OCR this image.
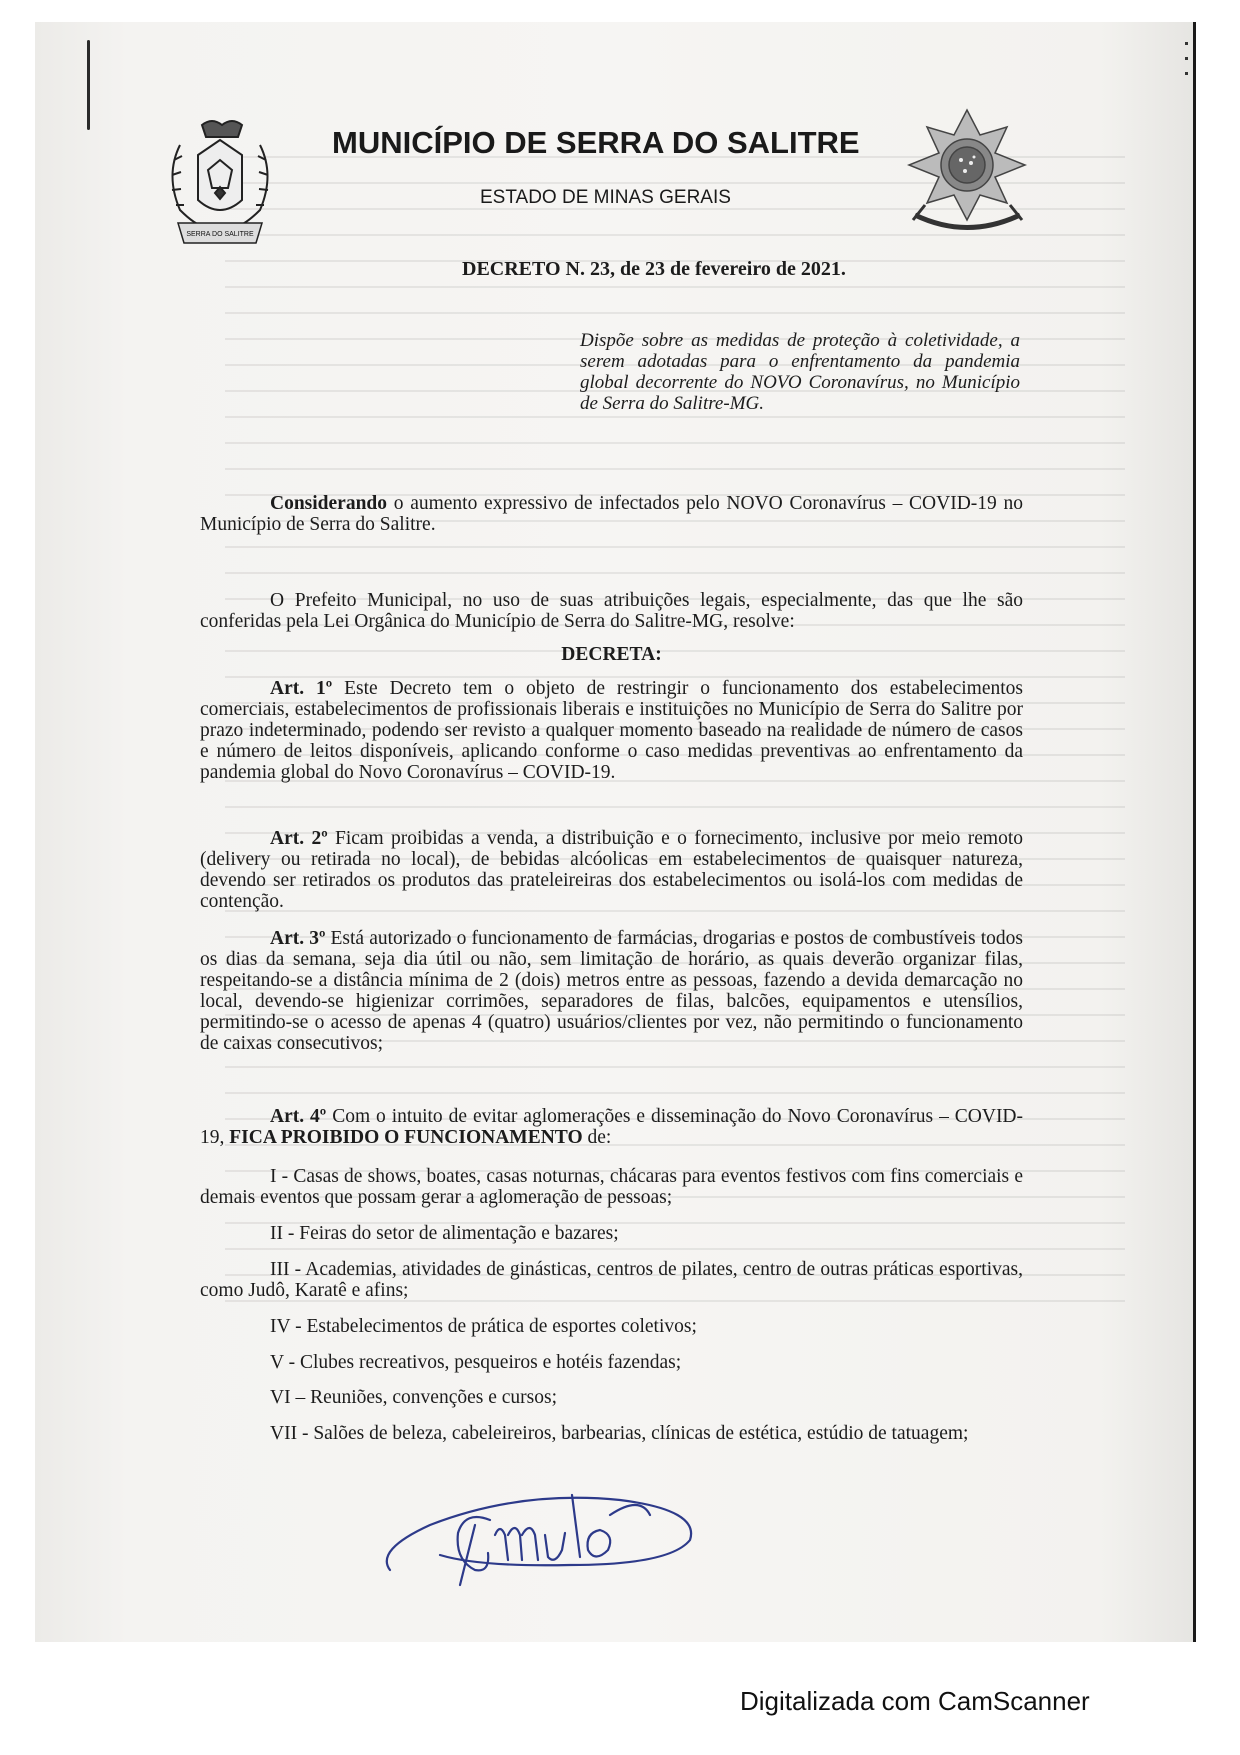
SERRA DO SALITRE
MUNICÍPIO DE SERRA DO SALITRE
ESTADO DE MINAS GERAIS
DECRETO N. 23, de 23 de fevereiro de 2021.
Dispõe sobre as medidas de proteção à coletividade, a serem adotadas para o enfrentamento da pandemia global decorrente do NOVO Coronavírus, no Município de Serra do Salitre-MG.
Considerando o aumento expressivo de infectados pelo NOVO Coronavírus – COVID-19 no Município de Serra do Salitre.
O Prefeito Municipal, no uso de suas atribuições legais, especialmente, das que lhe são conferidas pela Lei Orgânica do Município de Serra do Salitre-MG, resolve:
DECRETA:
Art. 1º Este Decreto tem o objeto de restringir o funcionamento dos estabelecimentos comerciais, estabelecimentos de profissionais liberais e instituições no Município de Serra do Salitre por prazo indeterminado, podendo ser revisto a qualquer momento baseado na realidade de número de casos e número de leitos disponíveis, aplicando conforme o caso medidas preventivas ao enfrentamento da pandemia global do Novo Coronavírus – COVID-19.
Art. 2º Ficam proibidas a venda, a distribuição e o fornecimento, inclusive por meio remoto (delivery ou retirada no local), de bebidas alcóolicas em estabelecimentos de quaisquer natureza, devendo ser retirados os produtos das prateleireiras dos estabelecimentos ou isolá-los com medidas de contenção.
Art. 3º Está autorizado o funcionamento de farmácias, drogarias e postos de combustíveis todos os dias da semana, seja dia útil ou não, sem limitação de horário, as quais deverão organizar filas, respeitando-se a distância mínima de 2 (dois) metros entre as pessoas, fazendo a devida demarcação no local, devendo-se higienizar corrimões, separadores de filas, balcões, equipamentos e utensílios, permitindo-se o acesso de apenas 4 (quatro) usuários/clientes por vez, não permitindo o funcionamento de caixas consecutivos;
Art. 4º Com o intuito de evitar aglomerações e disseminação do Novo Coronavírus – COVID-19, FICA PROIBIDO O FUNCIONAMENTO de:
I - Casas de shows, boates, casas noturnas, chácaras para eventos festivos com fins comerciais e demais eventos que possam gerar a aglomeração de pessoas;
II - Feiras do setor de alimentação e bazares;
III - Academias, atividades de ginásticas, centros de pilates, centro de outras práticas esportivas, como Judô, Karatê e afins;
IV - Estabelecimentos de prática de esportes coletivos;
V - Clubes recreativos, pesqueiros e hotéis fazendas;
VI – Reuniões, convenções e cursos;
VII - Salões de beleza, cabeleireiros, barbearias, clínicas de estética, estúdio de tatuagem;
Digitalizada com CamScanner
